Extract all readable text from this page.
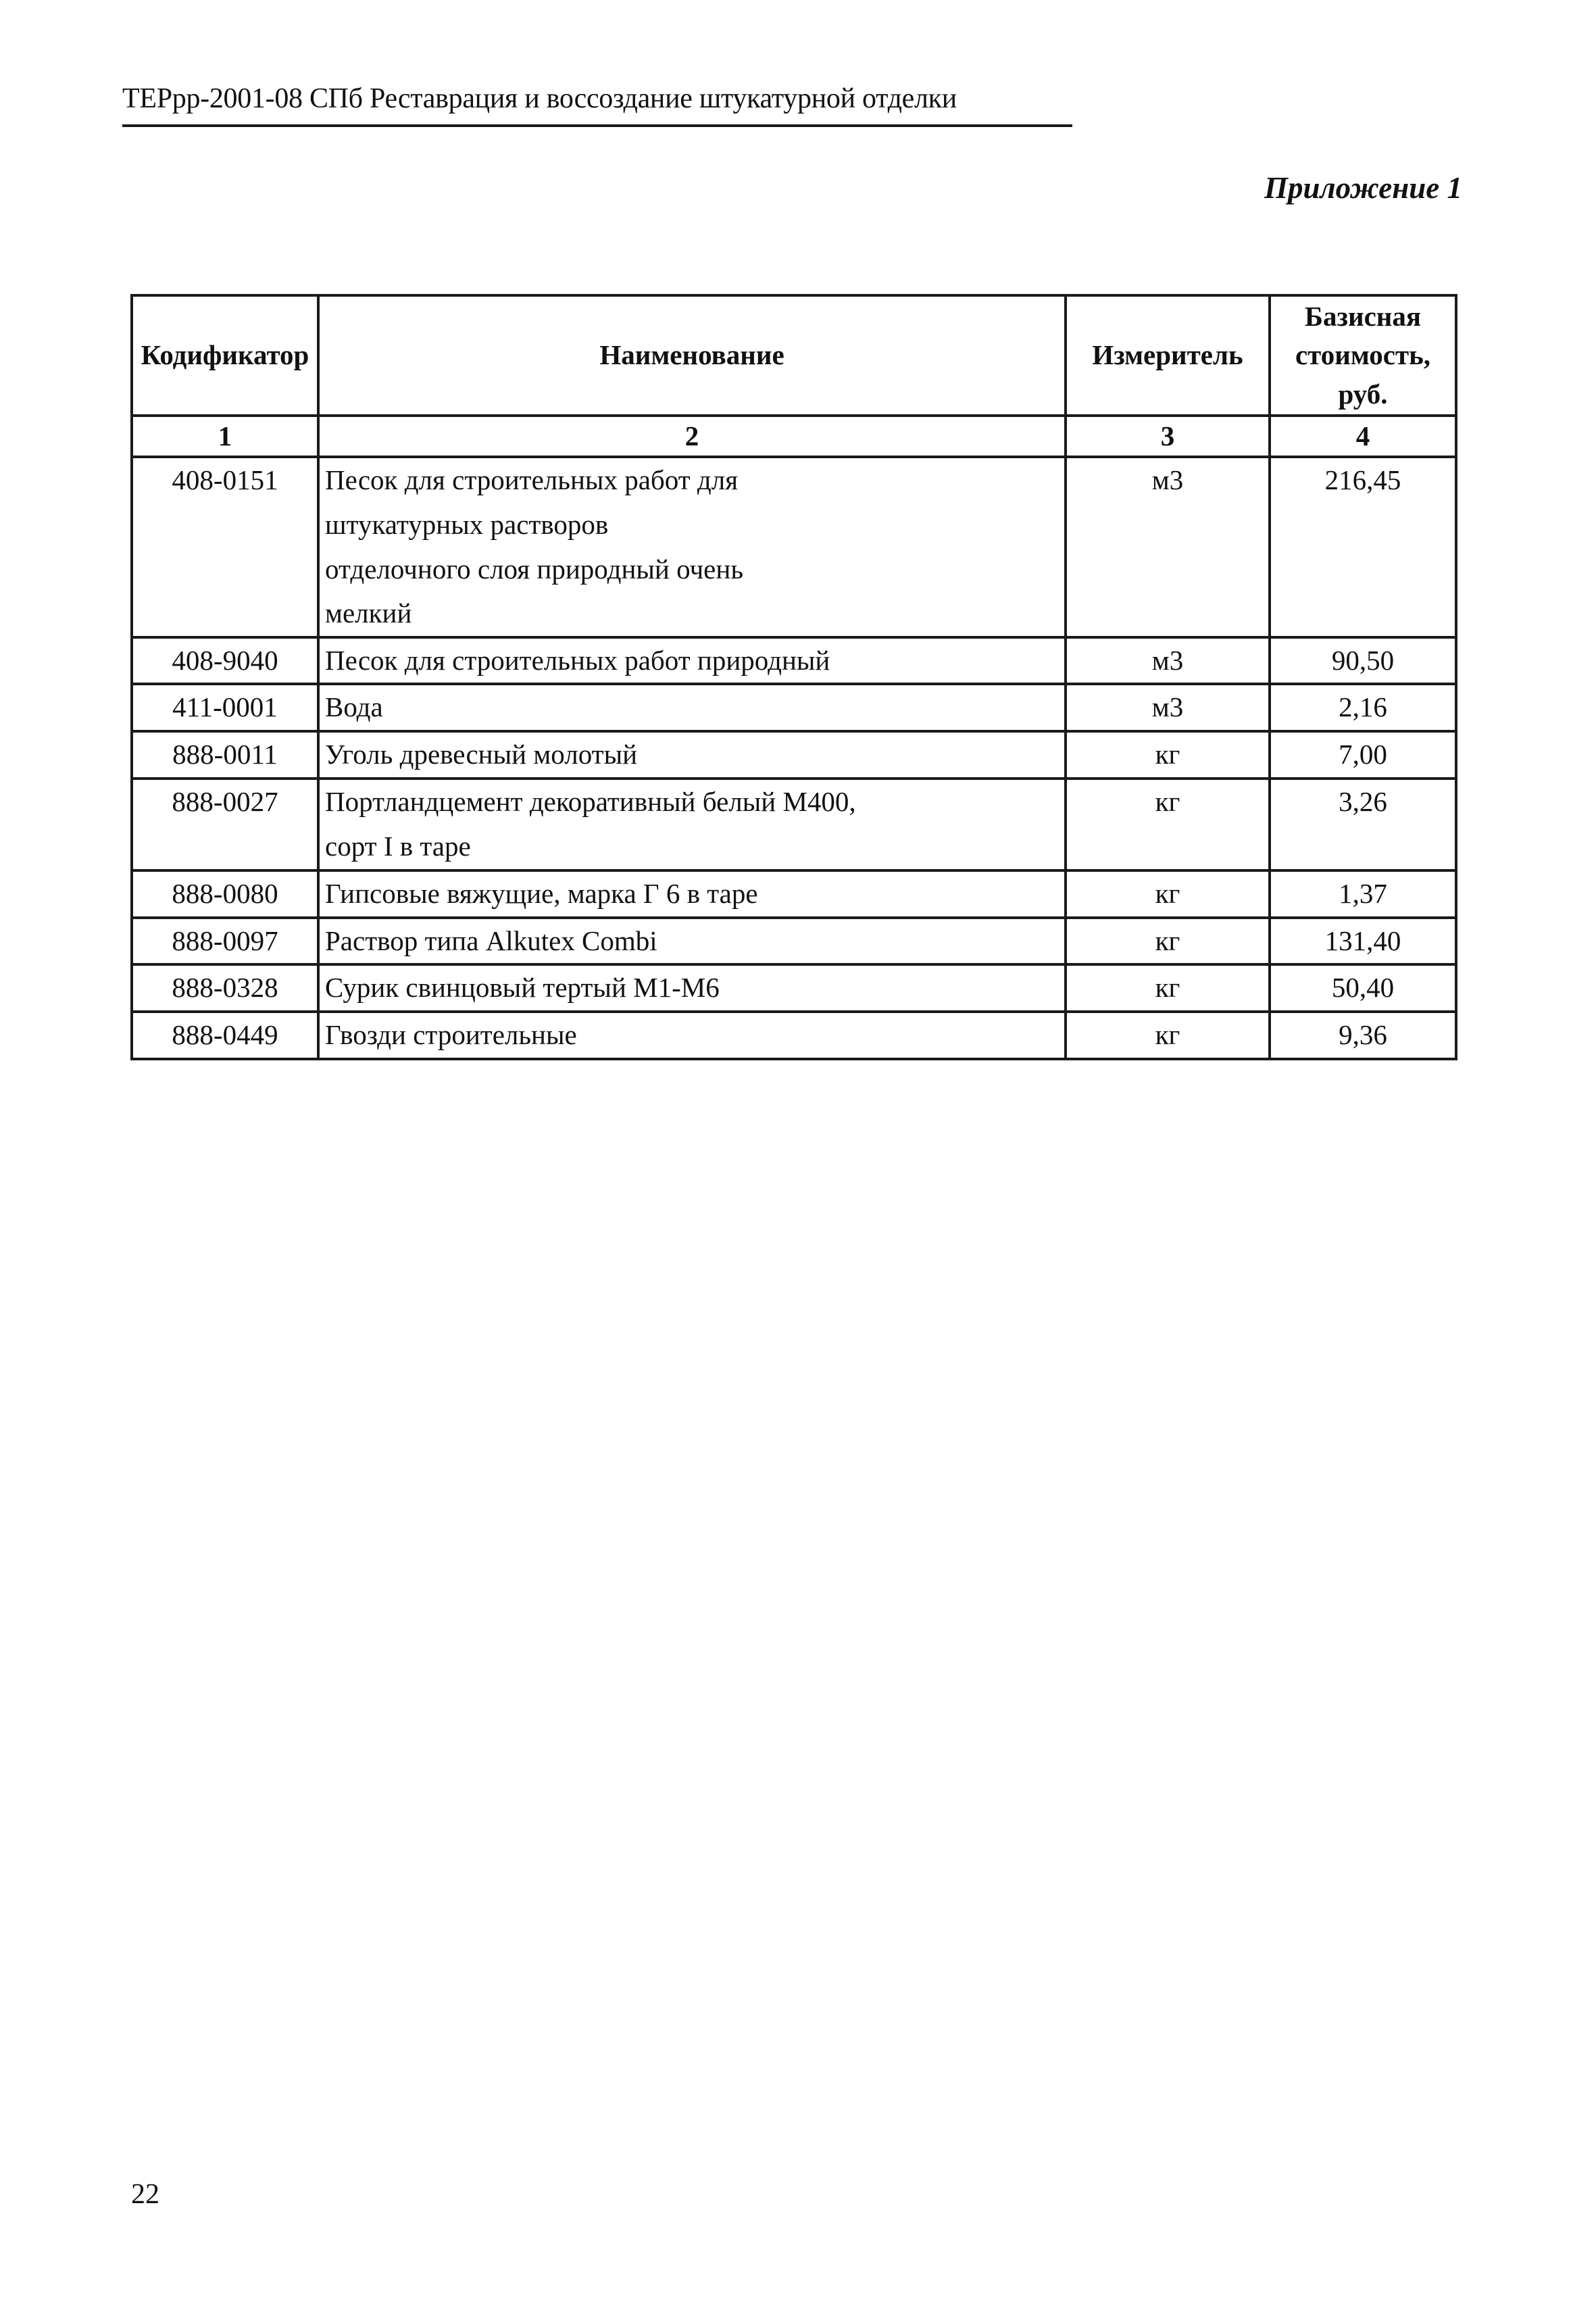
ТЕРрр-2001-08 СПб Реставрация и воссоздание штукатурной отделки
Приложение 1
Кодификатор	Наименование	Измеритель	Базисная стоимость, руб.
1	2	3	4
408-0151	Песок для строительных работ для штукатурных растворов отделочного слоя природный очень мелкий	м3	216,45
408-9040	Песок для строительных работ природный	м3	90,50
411-0001	Вода	м3	2,16
888-0011	Уголь древесный молотый	кг	7,00
888-0027	Портландцемент декоративный белый М400, сорт I в таре	кг	3,26
888-0080	Гипсовые вяжущие, марка Г 6 в таре	кг	1,37
888-0097	Раствор типа Alkutex Combi	кг	131,40
888-0328	Сурик свинцовый тертый М1-М6	кг	50,40
888-0449	Гвозди строительные	кг	9,36
22
